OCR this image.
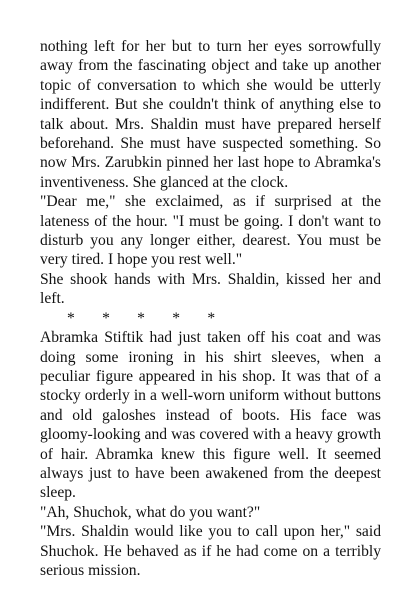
nothing left for her but to turn her eyes sorrowfully away from the fascinating object and take up another topic of conversation to which she would be utterly indifferent. But she couldn't think of anything else to talk about. Mrs. Shaldin must have prepared herself beforehand. She must have suspected something. So now Mrs. Zarubkin pinned her last hope to Abramka's inventiveness. She glanced at the clock.

"Dear me," she exclaimed, as if surprised at the lateness of the hour. "I must be going. I don't want to disturb you any longer either, dearest. You must be very tired. I hope you rest well."

She shook hands with Mrs. Shaldin, kissed her and left.

*       *       *       *       *

Abramka Stiftik had just taken off his coat and was doing some ironing in his shirt sleeves, when a peculiar figure appeared in his shop. It was that of a stocky orderly in a well-worn uniform without buttons and old galoshes instead of boots. His face was gloomy-looking and was covered with a heavy growth of hair. Abramka knew this figure well. It seemed always just to have been awakened from the deepest sleep.

"Ah, Shuchok, what do you want?"

"Mrs. Shaldin would like you to call upon her," said Shuchok. He behaved as if he had come on a terribly serious mission.
